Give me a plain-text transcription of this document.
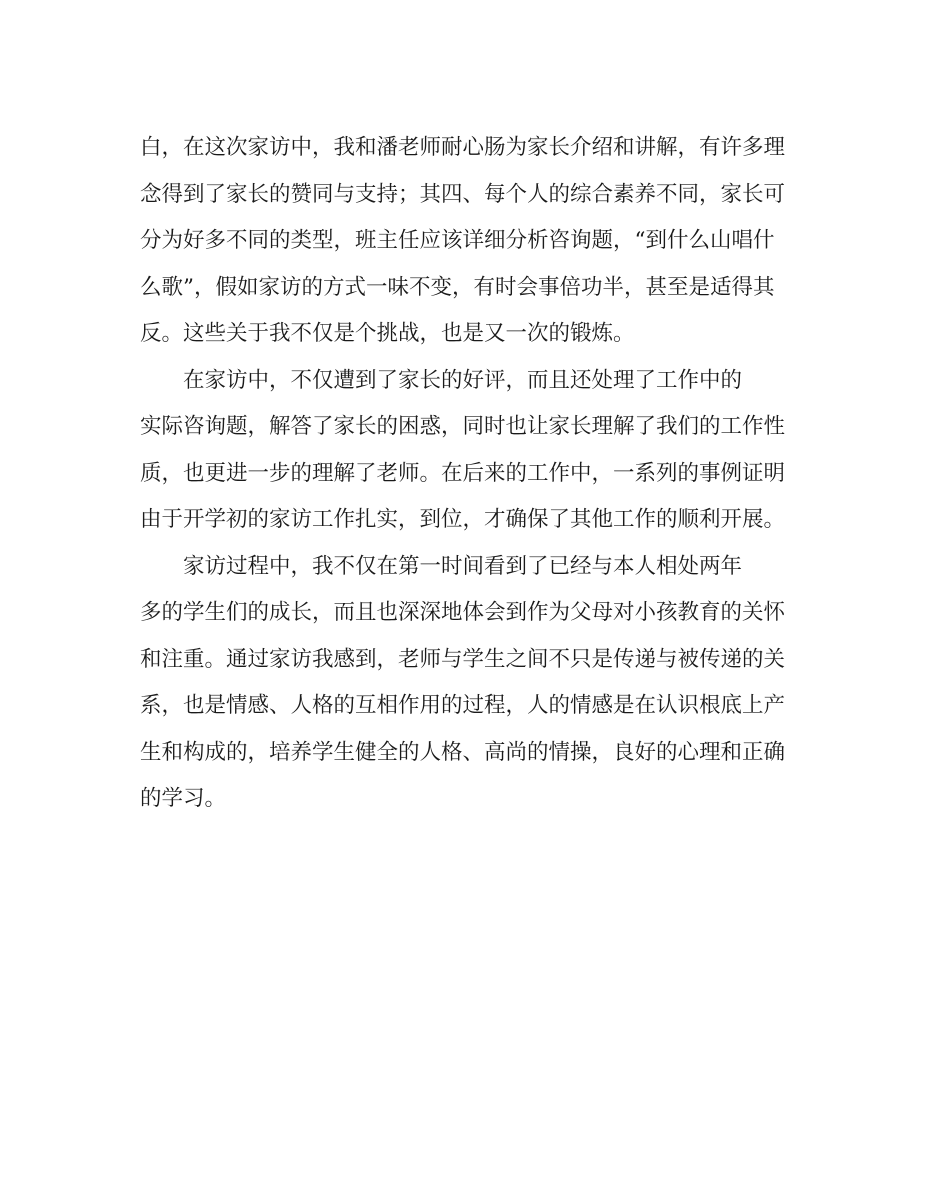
白，在这次家访中，我和潘老师耐心肠为家长介绍和讲解，有许多理
念得到了家长的赞同与支持；其四、每个人的综合素养不同，家长可
分为好多不同的类型，班主任应该详细分析咨询题，“到什么山唱什
么歌”，假如家访的方式一味不变，有时会事倍功半，甚至是适得其
反。这些关于我不仅是个挑战，也是又一次的锻炼。
　　在家访中，不仅遭到了家长的好评，而且还处理了工作中的
实际咨询题，解答了家长的困惑，同时也让家长理解了我们的工作性
质，也更进一步的理解了老师。在后来的工作中，一系列的事例证明
由于开学初的家访工作扎实，到位，才确保了其他工作的顺利开展。
　　家访过程中，我不仅在第一时间看到了已经与本人相处两年
多的学生们的成长，而且也深深地体会到作为父母对小孩教育的关怀
和注重。通过家访我感到，老师与学生之间不只是传递与被传递的关
系，也是情感、人格的互相作用的过程，人的情感是在认识根底上产
生和构成的，培养学生健全的人格、高尚的情操，良好的心理和正确
的学习。
